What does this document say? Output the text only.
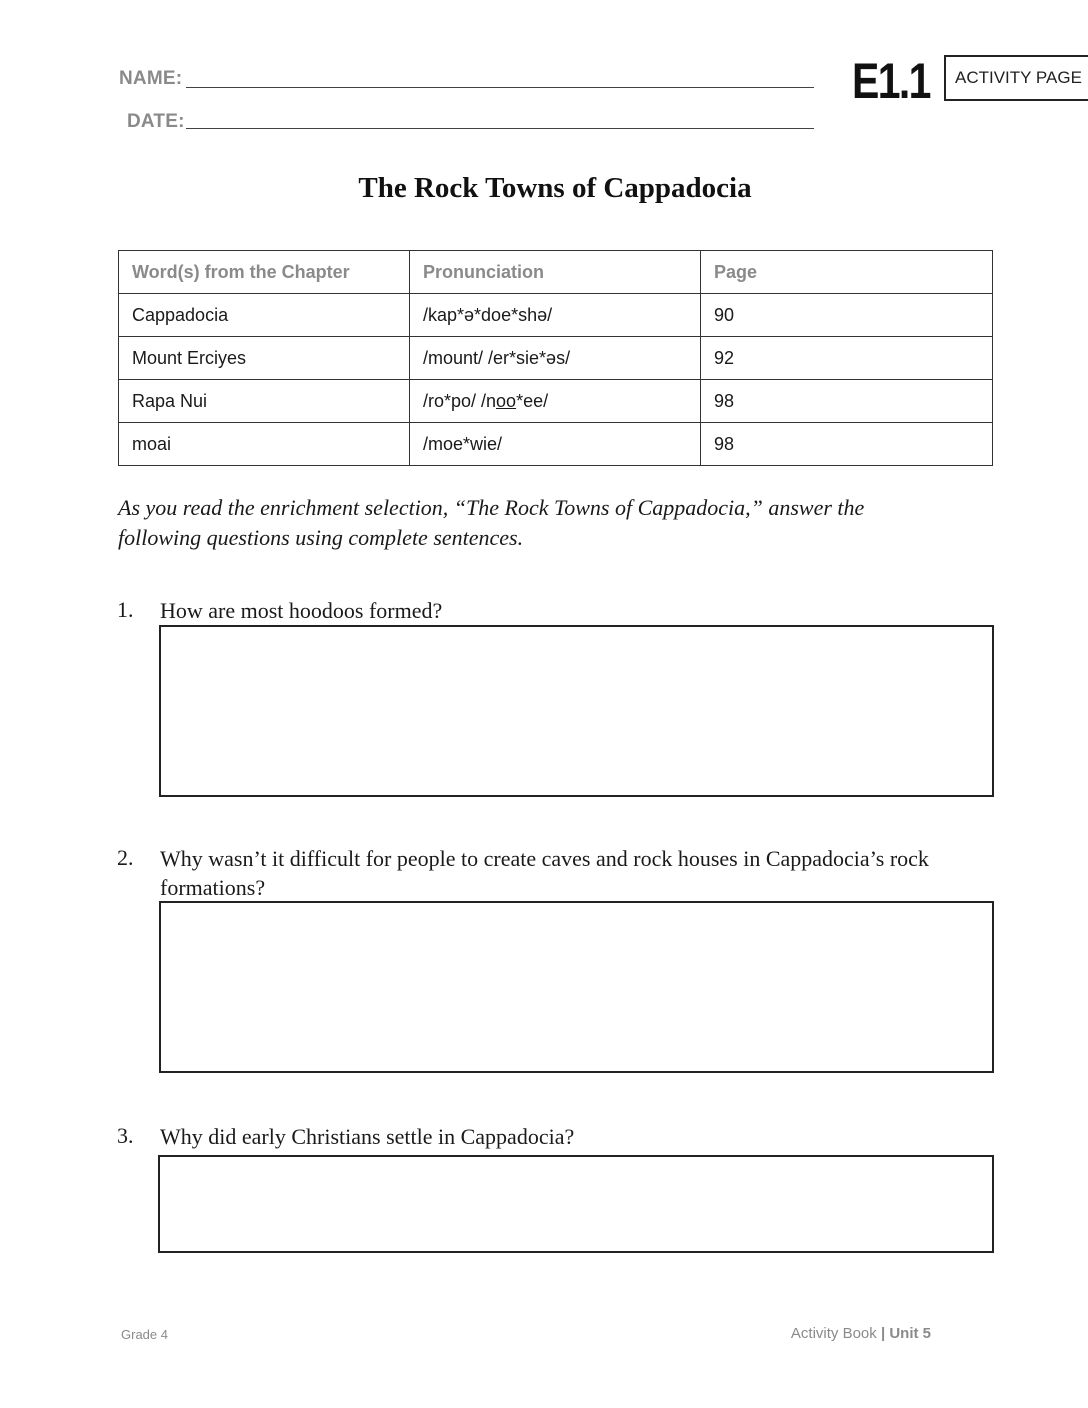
NAME:
DATE:
E1.1	ACTIVITY PAGE
The Rock Towns of Cappadocia
Word(s) from the Chapter	Pronunciation	Page
Cappadocia	/kap*ə*doe*shə/	90
Mount Erciyes	/mount/ /er*sie*əs/	92
Rapa Nui	/ro*po/ /noo*ee/	98
moai	/moe*wie/	98
As you read the enrichment selection, “The Rock Towns of Cappadocia,” answer the following questions using complete sentences.
1. How are most hoodoos formed?
2. Why wasn’t it difficult for people to create caves and rock houses in Cappadocia’s rock formations?
3. Why did early Christians settle in Cappadocia?
Grade 4	Activity Book | Unit 5
